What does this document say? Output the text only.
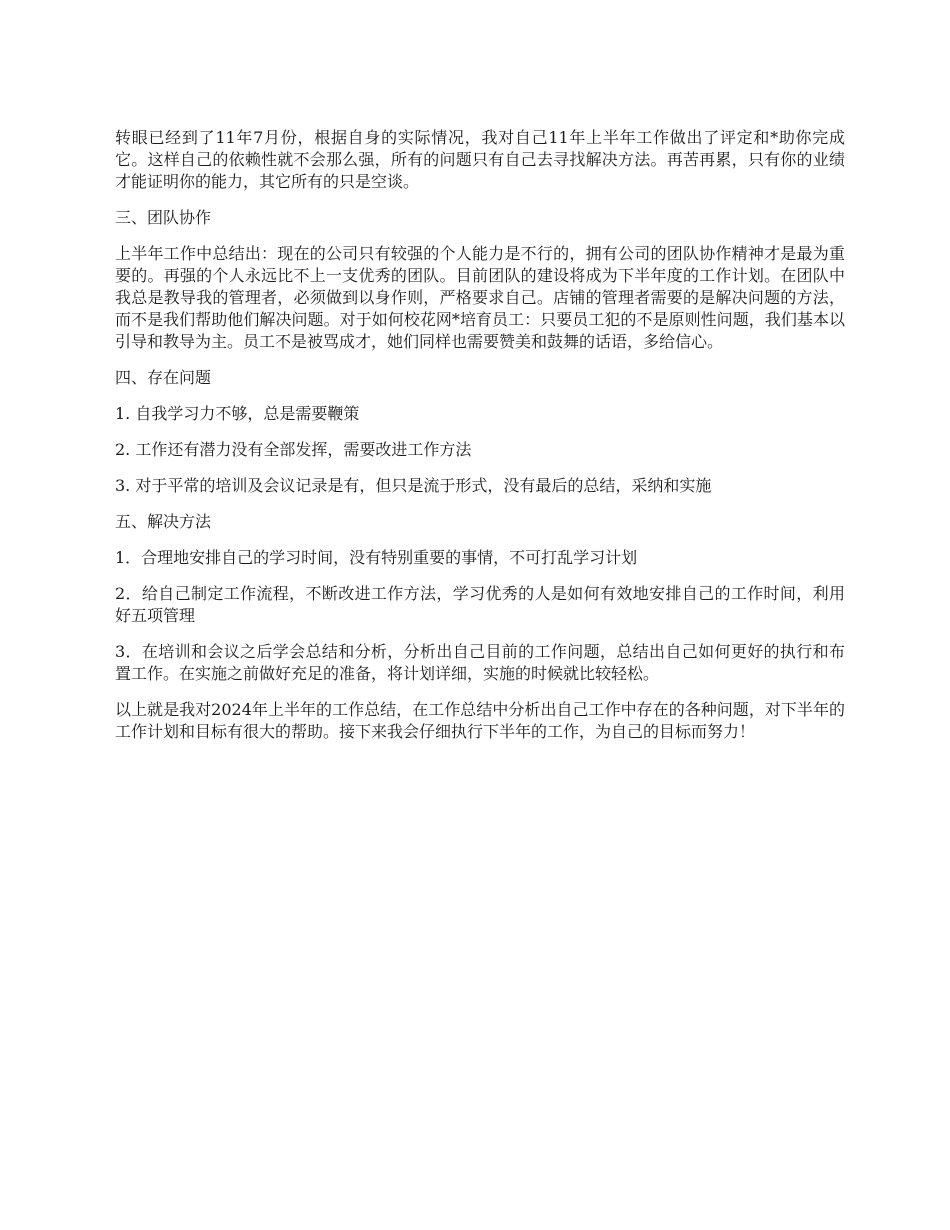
转眼已经到了11年7月份，根据自身的实际情况，我对自己11年上半年工作做出了评定和*助你完成它。这样自己的依赖性就不会那么强，所有的问题只有自己去寻找解决方法。再苦再累，只有你的业绩才能证明你的能力，其它所有的只是空谈。

三、团队协作

上半年工作中总结出：现在的公司只有较强的个人能力是不行的，拥有公司的团队协作精神才是最为重要的。再强的个人永远比不上一支优秀的团队。目前团队的建设将成为下半年度的工作计划。在团队中我总是教导我的管理者，必须做到以身作则，严格要求自己。店铺的管理者需要的是解决问题的方法，而不是我们帮助他们解决问题。对于如何校花网*培育员工：只要员工犯的不是原则性问题，我们基本以引导和教导为主。员工不是被骂成才，她们同样也需要赞美和鼓舞的话语，多给信心。

四、存在问题

1. 自我学习力不够，总是需要鞭策

2. 工作还有潜力没有全部发挥，需要改进工作方法

3. 对于平常的培训及会议记录是有，但只是流于形式，没有最后的总结，采纳和实施

五、解决方法

1．合理地安排自己的学习时间，没有特别重要的事情，不可打乱学习计划

2．给自己制定工作流程，不断改进工作方法，学习优秀的人是如何有效地安排自己的工作时间，利用好五项管理

3．在培训和会议之后学会总结和分析，分析出自己目前的工作问题，总结出自己如何更好的执行和布置工作。在实施之前做好充足的准备，将计划详细，实施的时候就比较轻松。

以上就是我对2024年上半年的工作总结，在工作总结中分析出自己工作中存在的各种问题，对下半年的工作计划和目标有很大的帮助。接下来我会仔细执行下半年的工作，为自己的目标而努力！
